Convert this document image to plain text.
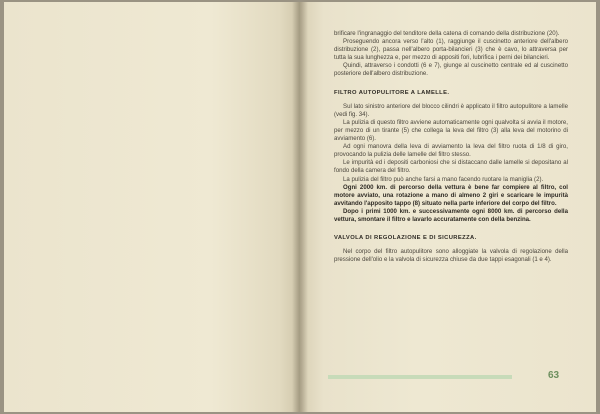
brificare l'ingranaggio del tenditore della catena di comando della distribuzione (20).

Proseguendo ancora verso l'alto (1), raggiunge il cuscinetto anteriore dell'albero distribuzione (2), passa nell'albero porta-bilancieri (3) che è cavo, lo attraversa per tutta la sua lunghezza e, per mezzo di appositi fori, lubrifica i perni dei bilancieri.

Quindi, attraverso i condotti (6 e 7), giunge al cuscinetto centrale ed al cuscinetto posteriore dell'albero distribuzione.

FILTRO AUTOPULITORE A LAMELLE.

Sul lato sinistro anteriore del blocco cilindri è applicato il filtro autopulitore a lamelle (vedi fig. 34).

La pulizia di questo filtro avviene automaticamente ogni qualvolta si avvia il motore, per mezzo di un tirante (5) che collega la leva del filtro (3) alla leva del motorino di avviamento (6).

Ad ogni manovra della leva di avviamento la leva del filtro ruota di 1/8 di giro, provocando la pulizia delle lamelle del filtro stesso.

Le impurità ed i depositi carboniosi che si distaccano dalle lamelle si depositano al fondo della camera del filtro.

La pulizia del filtro può anche farsi a mano facendo ruotare la maniglia (2).

Ogni 2000 km. di percorso della vettura è bene far compiere al filtro, col motore avviato, una rotazione a mano di almeno 2 giri e scaricare le impurità avvitando l'apposito tappo (8) situato nella parte inferiore del corpo del filtro.

Dopo i primi 1000 km. e successivamente ogni 8000 km. di percorso della vettura, smontare il filtro e lavarlo accuratamente con della benzina.

VALVOLA DI REGOLAZIONE E DI SICUREZZA.

Nel corpo del filtro autopulitore sono alloggiate la valvola di regolazione della pressione dell'olio e la valvola di sicurezza chiuse da due tappi esagonali (1 e 4).

63
